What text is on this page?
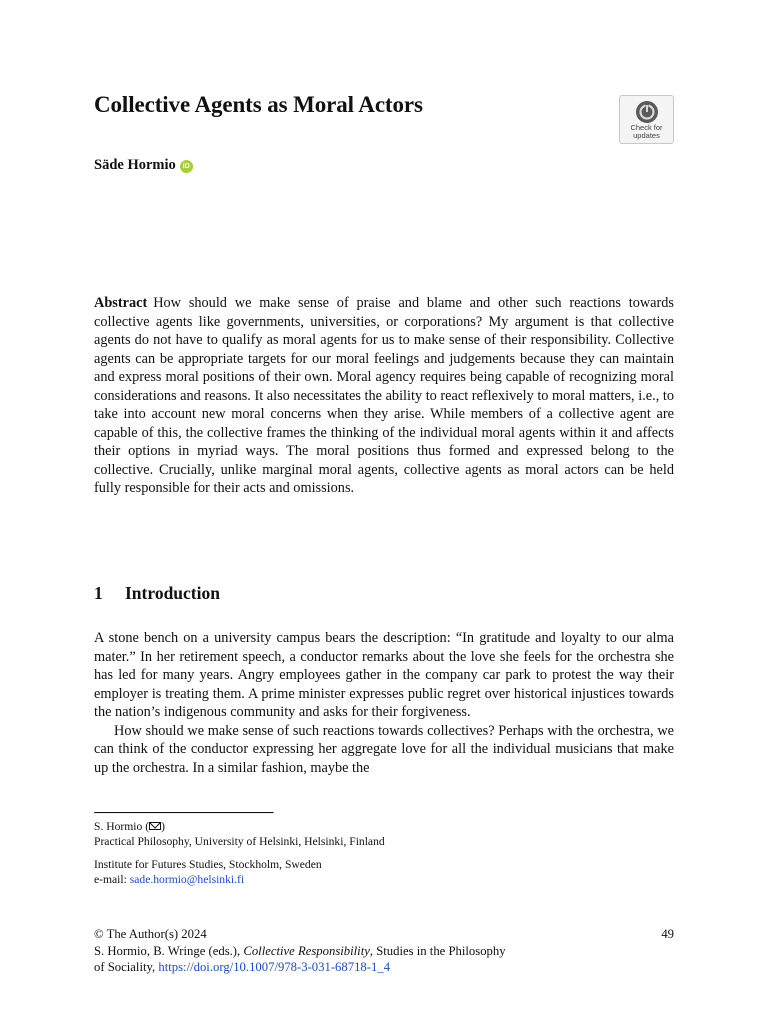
Collective Agents as Moral Actors
Check for
updates

Säde Hormio iD

Abstract How should we make sense of praise and blame and other such reactions towards collective agents like governments, universities, or corporations? My argument is that collective agents do not have to qualify as moral agents for us to make sense of their responsibility. Collective agents can be appropriate targets for our moral feelings and judgements because they can maintain and express moral positions of their own. Moral agency requires being capable of recognizing moral considerations and reasons. It also necessitates the ability to react reflexively to moral matters, i.e., to take into account new moral concerns when they arise. While members of a collective agent are capable of this, the collective frames the thinking of the individual moral agents within it and affects their options in myriad ways. The moral positions thus formed and expressed belong to the collective. Crucially, unlike marginal moral agents, collective agents as moral actors can be held fully responsible for their acts and omissions.

1 Introduction

A stone bench on a university campus bears the description: “In gratitude and loyalty to our alma mater.” In her retirement speech, a conductor remarks about the love she feels for the orchestra she has led for many years. Angry employees gather in the company car park to protest the way their employer is treating them. A prime minister expresses public regret over historical injustices towards the nation’s indigenous community and asks for their forgiveness.

How should we make sense of such reactions towards collectives? Perhaps with the orchestra, we can think of the conductor expressing her aggregate love for all the individual musicians that make up the orchestra. In a similar fashion, maybe the

S. Hormio ( )

Practical Philosophy, University of Helsinki, Helsinki, Finland

Institute for Futures Studies, Stockholm, Sweden

e-mail: sade.hormio@helsinki.fi

49

© The Author(s) 2024

S. Hormio, B. Wringe (eds.), Collective Responsibility, Studies in the Philosophy

of Sociality, https://doi.org/10.1007/978-3-031-68718-1_4
